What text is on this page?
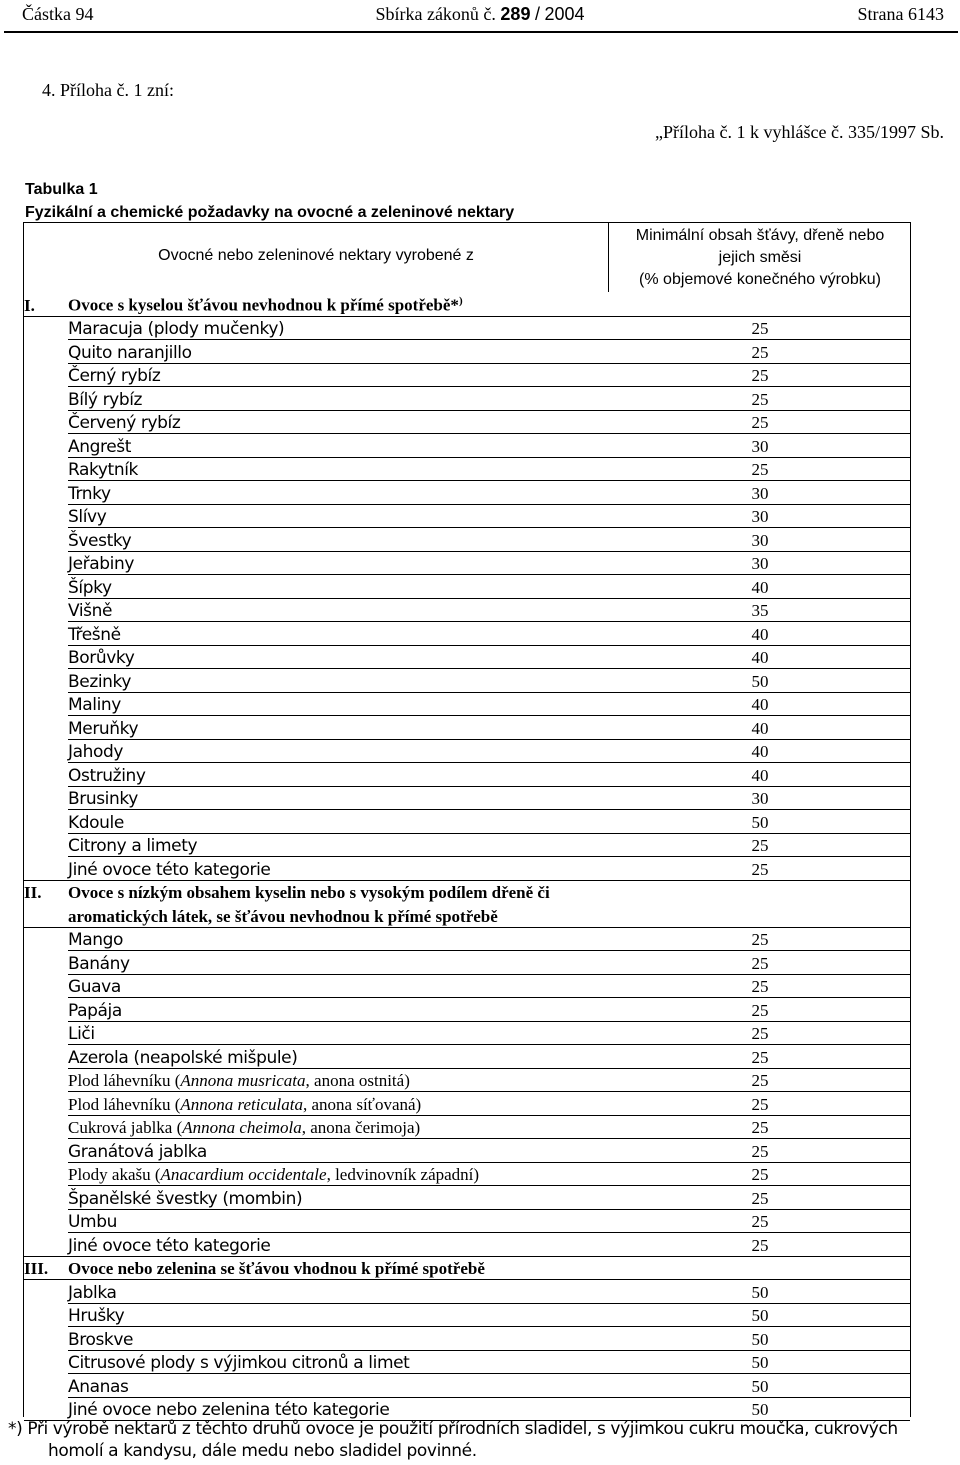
Částka 94	Sbírka zákonů č. 289 / 2004	Strana 6143
4. Příloha č. 1 zní:
„Příloha č. 1 k vyhlášce č. 335/1997 Sb.
Tabulka 1
Fyzikální a chemické požadavky na ovocné a zeleninové nektary
Ovocné nebo zeleninové nektary vyrobené z
Minimální obsah šťávy, dřeně nebo
jejich směsi
(% objemové konečného výrobku)
I. Ovoce s kyselou šťávou nevhodnou k přímé spotřebě*)
Maracuja (plody mučenky)	25
Quito naranjillo	25
Černý rybíz	25
Bílý rybíz	25
Červený rybíz	25
Angrešt	30
Rakytník	25
Trnky	30
Slívy	30
Švestky	30
Jeřabiny	30
Šípky	40
Višně	35
Třešně	40
Borůvky	40
Bezinky	50
Maliny	40
Meruňky	40
Jahody	40
Ostružiny	40
Brusinky	30
Kdoule	50
Citrony a limety	25
Jiné ovoce této kategorie	25
II. Ovoce s nízkým obsahem kyselin nebo s vysokým podílem dřeně či
aromatických látek, se šťávou nevhodnou k přímé spotřebě
Mango	25
Banány	25
Guava	25
Papája	25
Liči	25
Azerola (neapolské mišpule)	25
Plod láhevníku (Annona musricata, anona ostnitá)	25
Plod láhevníku (Annona reticulata, anona síťovaná)	25
Cukrová jablka (Annona cheimola, anona čerimoja)	25
Granátová jablka	25
Plody akašu (Anacardium occidentale, ledvinovník západní)	25
Španělské švestky (mombin)	25
Umbu	25
Jiné ovoce této kategorie	25
III. Ovoce nebo zelenina se šťávou vhodnou k přímé spotřebě
Jablka	50
Hrušky	50
Broskve	50
Citrusové plody s výjimkou citronů a limet	50
Ananas	50
Jiné ovoce nebo zelenina této kategorie	50
*) Při výrobě nektarů z těchto druhů ovoce je použití přírodních sladidel, s výjimkou cukru moučka, cukrových
homolí a kandysu, dále medu nebo sladidel povinné.
